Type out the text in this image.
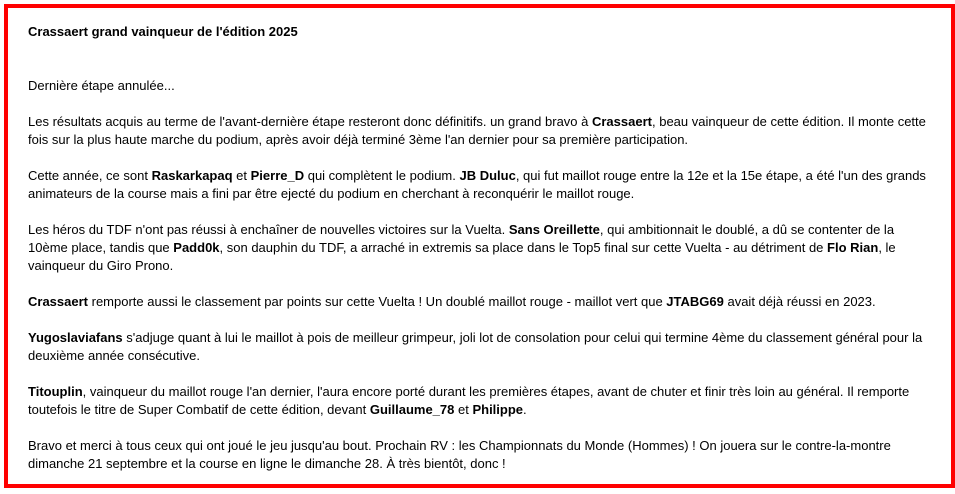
Crassaert grand vainqueur de l'édition 2025

Dernière étape annulée...

Les résultats acquis au terme de l'avant-dernière étape resteront donc définitifs. un grand bravo à Crassaert, beau vainqueur de cette édition. Il monte cette fois sur la plus haute marche du podium, après avoir déjà terminé 3ème l'an dernier pour sa première participation.

Cette année, ce sont Raskarkapaq et Pierre_D qui complètent le podium. JB Duluc, qui fut maillot rouge entre la 12e et la 15e étape, a été l'un des grands animateurs de la course mais a fini par être ejecté du podium en cherchant à reconquérir le maillot rouge.

Les héros du TDF n'ont pas réussi à enchaîner de nouvelles victoires sur la Vuelta. Sans Oreillette, qui ambitionnait le doublé, a dû se contenter de la 10ème place, tandis que Padd0k, son dauphin du TDF, a arraché in extremis sa place dans le Top5 final sur cette Vuelta - au détriment de Flo Rian, le vainqueur du Giro Prono.

Crassaert remporte aussi le classement par points sur cette Vuelta ! Un doublé maillot rouge - maillot vert que JTABG69 avait déjà réussi en 2023.

Yugoslaviafans s'adjuge quant à lui le maillot à pois de meilleur grimpeur, joli lot de consolation pour celui qui termine 4ème du classement général pour la deuxième année consécutive.

Titouplin, vainqueur du maillot rouge l'an dernier, l'aura encore porté durant les premières étapes, avant de chuter et finir très loin au général. Il remporte toutefois le titre de Super Combatif de cette édition, devant Guillaume_78 et Philippe.

Bravo et merci à tous ceux qui ont joué le jeu jusqu'au bout. Prochain RV : les Championnats du Monde (Hommes) ! On jouera sur le contre-la-montre dimanche 21 septembre et la course en ligne le dimanche 28. À très bientôt, donc !
